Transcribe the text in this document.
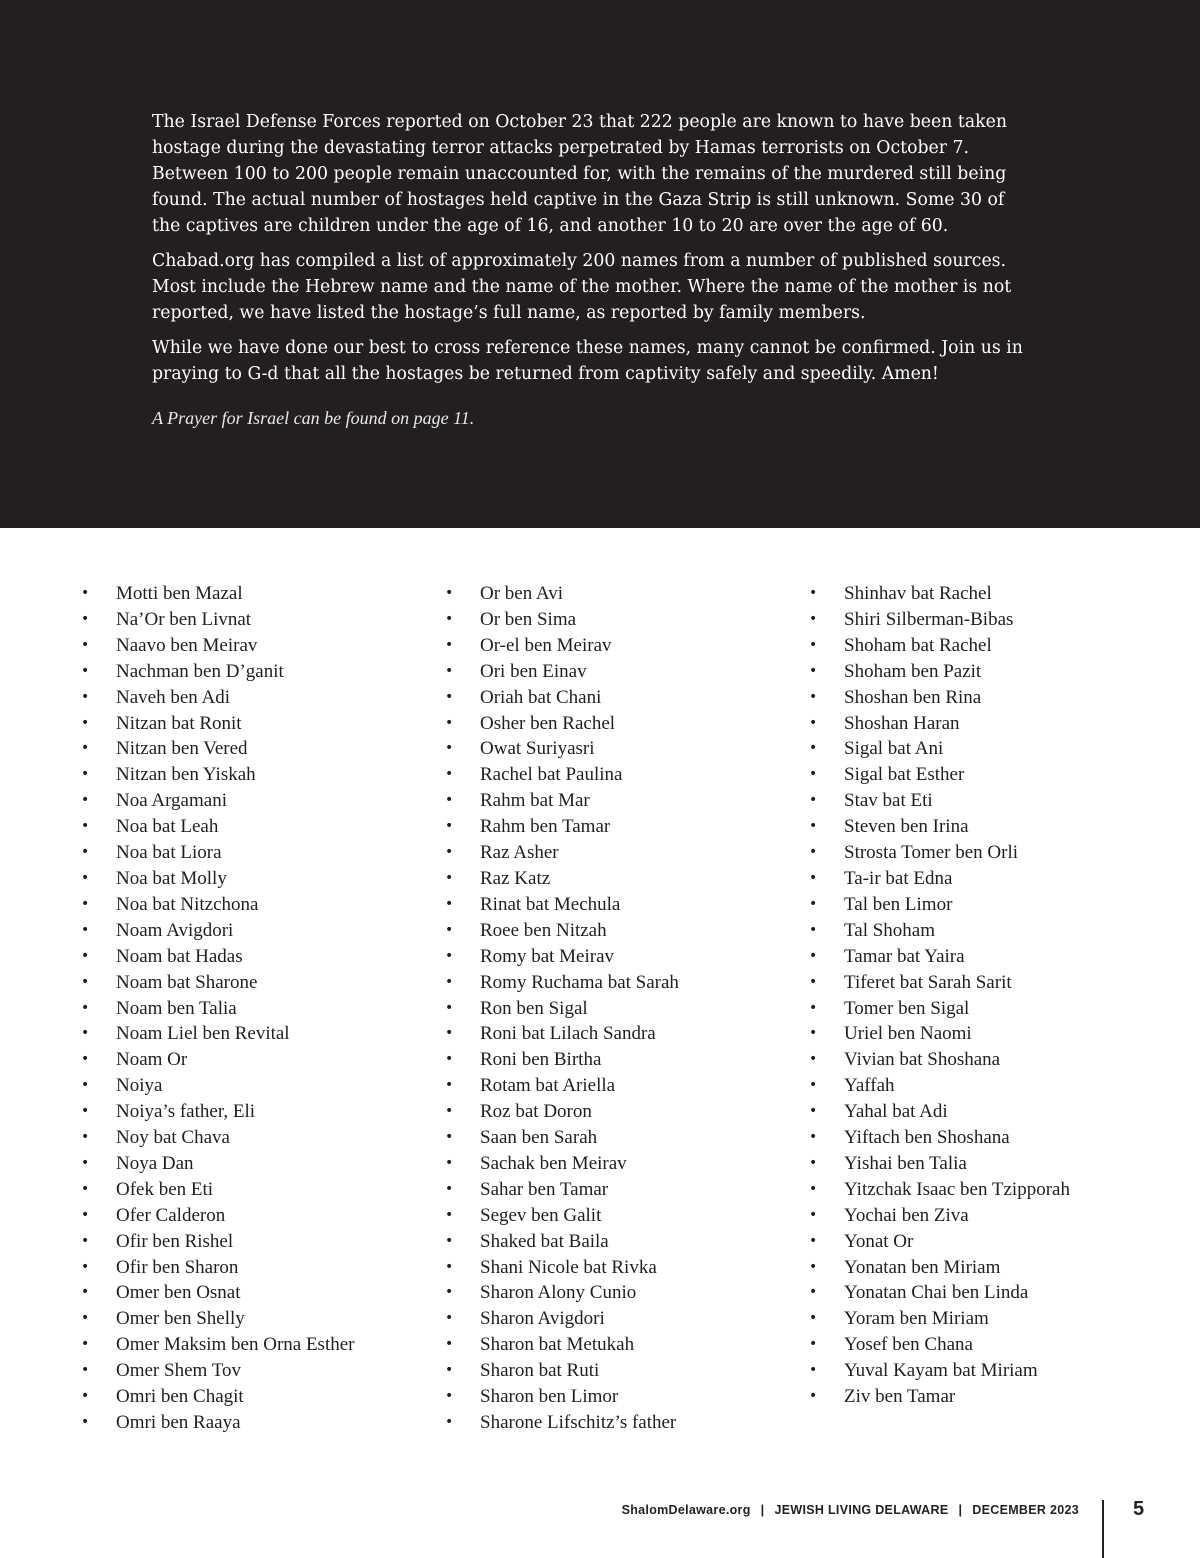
The Israel Defense Forces reported on October 23 that 222 people are known to have been taken hostage during the devastating terror attacks perpetrated by Hamas terrorists on October 7. Between 100 to 200 people remain unaccounted for, with the remains of the murdered still being found. The actual number of hostages held captive in the Gaza Strip is still unknown. Some 30 of the captives are children under the age of 16, and another 10 to 20 are over the age of 60.

Chabad.org has compiled a list of approximately 200 names from a number of published sources. Most include the Hebrew name and the name of the mother. Where the name of the mother is not reported, we have listed the hostage’s full name, as reported by family members.

While we have done our best to cross reference these names, many cannot be confirmed. Join us in praying to G-d that all the hostages be returned from captivity safely and speedily. Amen!

A Prayer for Israel can be found on page 11.

• Motti ben Mazal
• Na’Or ben Livnat
• Naavo ben Meirav
• Nachman ben D’ganit
• Naveh ben Adi
• Nitzan bat Ronit
• Nitzan ben Vered
• Nitzan ben Yiskah
• Noa Argamani
• Noa bat Leah
• Noa bat Liora
• Noa bat Molly
• Noa bat Nitzchona
• Noam Avigdori
• Noam bat Hadas
• Noam bat Sharone
• Noam ben Talia
• Noam Liel ben Revital
• Noam Or
• Noiya
• Noiya’s father, Eli
• Noy bat Chava
• Noya Dan
• Ofek ben Eti
• Ofer Calderon
• Ofir ben Rishel
• Ofir ben Sharon
• Omer ben Osnat
• Omer ben Shelly
• Omer Maksim ben Orna Esther
• Omer Shem Tov
• Omri ben Chagit
• Omri ben Raaya
• Or ben Avi
• Or ben Sima
• Or-el ben Meirav
• Ori ben Einav
• Oriah bat Chani
• Osher ben Rachel
• Owat Suriyasri
• Rachel bat Paulina
• Rahm bat Mar
• Rahm ben Tamar
• Raz Asher
• Raz Katz
• Rinat bat Mechula
• Roee ben Nitzah
• Romy bat Meirav
• Romy Ruchama bat Sarah
• Ron ben Sigal
• Roni bat Lilach Sandra
• Roni ben Birtha
• Rotam bat Ariella
• Roz bat Doron
• Saan ben Sarah
• Sachak ben Meirav
• Sahar ben Tamar
• Segev ben Galit
• Shaked bat Baila
• Shani Nicole bat Rivka
• Sharon Alony Cunio
• Sharon Avigdori
• Sharon bat Metukah
• Sharon bat Ruti
• Sharon ben Limor
• Sharone Lifschitz’s father
• Shinhav bat Rachel
• Shiri Silberman-Bibas
• Shoham bat Rachel
• Shoham ben Pazit
• Shoshan ben Rina
• Shoshan Haran
• Sigal bat Ani
• Sigal bat Esther
• Stav bat Eti
• Steven ben Irina
• Strosta Tomer ben Orli
• Ta-ir bat Edna
• Tal ben Limor
• Tal Shoham
• Tamar bat Yaira
• Tiferet bat Sarah Sarit
• Tomer ben Sigal
• Uriel ben Naomi
• Vivian bat Shoshana
• Yaffah
• Yahal bat Adi
• Yiftach ben Shoshana
• Yishai ben Talia
• Yitzchak Isaac ben Tzipporah
• Yochai ben Ziva
• Yonat Or
• Yonatan ben Miriam
• Yonatan Chai ben Linda
• Yoram ben Miriam
• Yosef ben Chana
• Yuval Kayam bat Miriam
• Ziv ben Tamar
ShalomDelaware.org | JEWISH LIVING DELAWARE | DECEMBER 2023	5
